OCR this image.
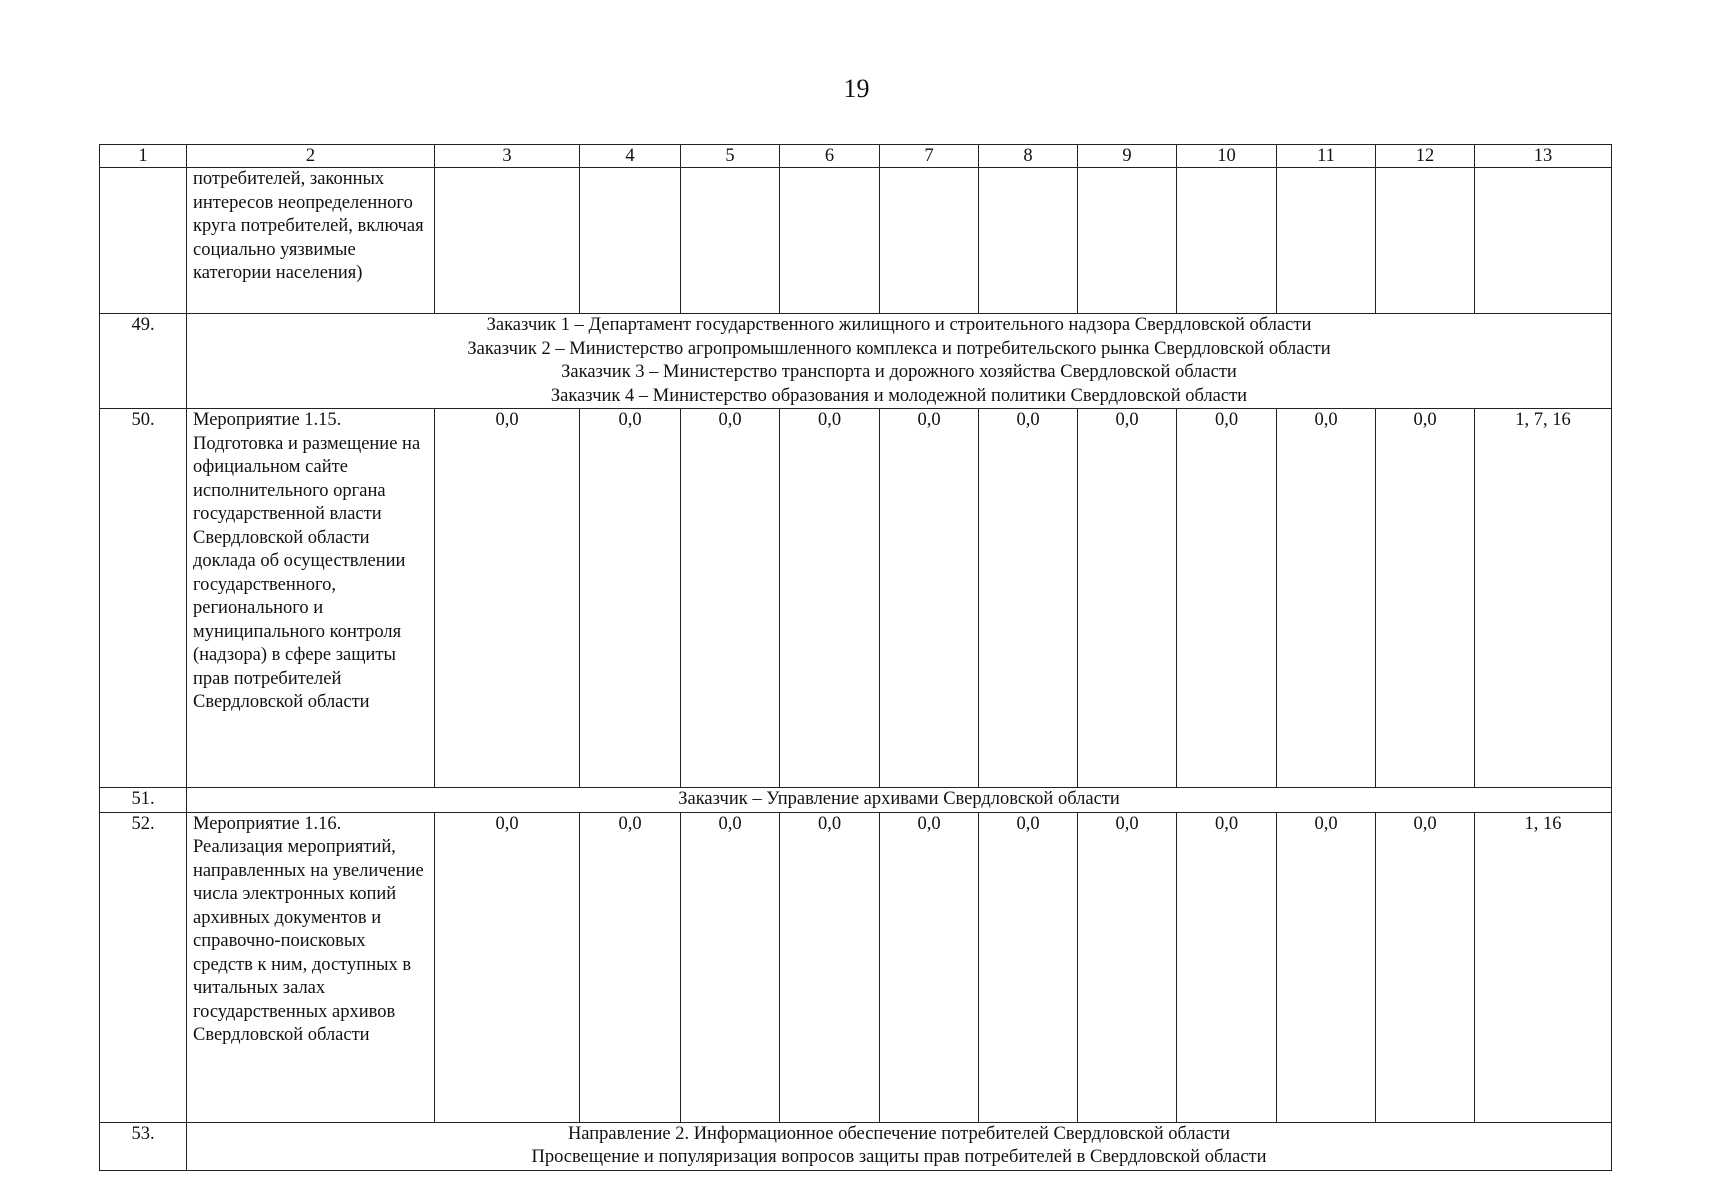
19
1	2	3	4	5	6	7	8	9	10	11	12	13
	потребителей, законных интересов неопределенного круга потребителей, включая социально уязвимые категории населения)											
49.	Заказчик 1 – Департамент государственного жилищного и строительного надзора Свердловской области
Заказчик 2 – Министерство агропромышленного комплекса и потребительского рынка Свердловской области
Заказчик 3 – Министерство транспорта и дорожного хозяйства Свердловской области
Заказчик 4 – Министерство образования и молодежной политики Свердловской области											

50.	Мероприятие 1.15. Подготовка и размещение на официальном сайте исполнительного органа государственной власти Свердловской области доклада об осуществлении государственного, регионального и муниципального контроля (надзора) в сфере защиты прав потребителей Свердловской области	0,0	0,0	0,0	0,0	0,0	0,0	0,0	0,0	0,0	0,0	1, 7, 16
51.	Заказчик – Управление архивами Свердловской области											

52.	Мероприятие 1.16. Реализация мероприятий, направленных на увеличение числа электронных копий архивных документов и справочно-поисковых средств к ним, доступных в читальных залах государственных архивов Свердловской области	0,0	0,0	0,0	0,0	0,0	0,0	0,0	0,0	0,0	0,0	1, 16
53.	Направление 2. Информационное обеспечение потребителей Свердловской области
Просвещение и популяризация вопросов защиты прав потребителей в Свердловской области											
